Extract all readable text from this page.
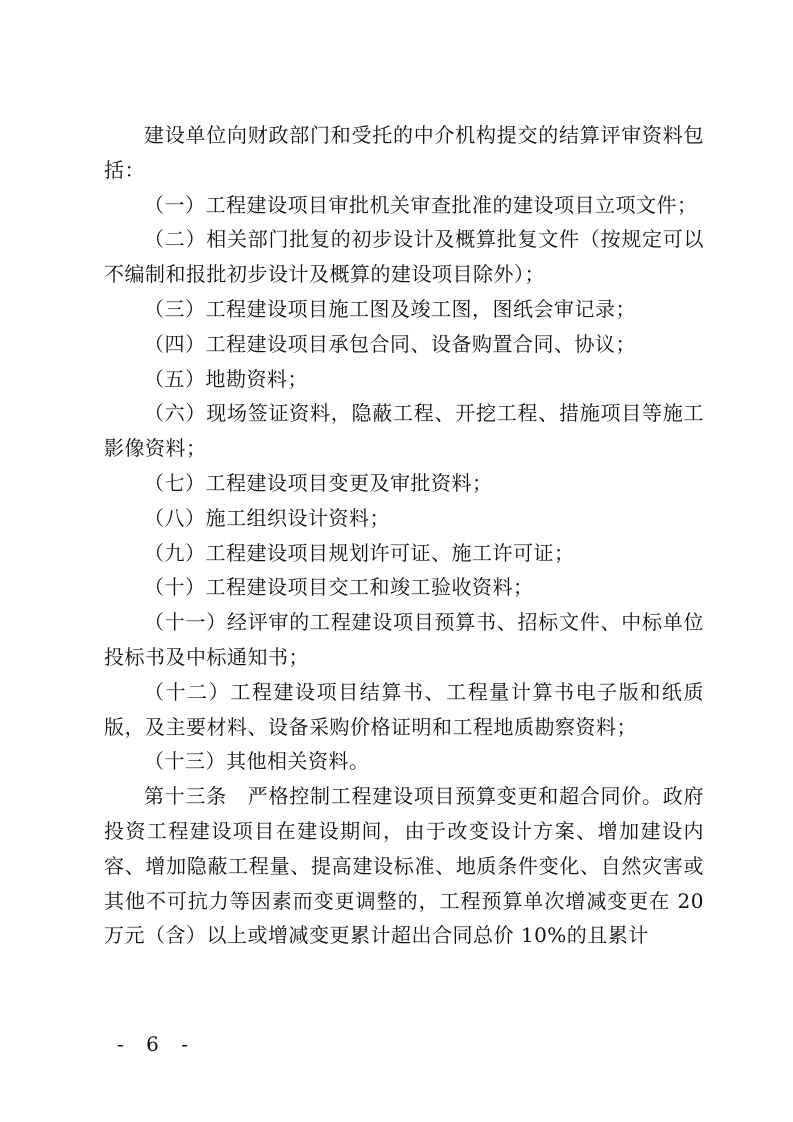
建设单位向财政部门和受托的中介机构提交的结算评审资料包括：

（一）工程建设项目审批机关审查批准的建设项目立项文件；

（二）相关部门批复的初步设计及概算批复文件（按规定可以不编制和报批初步设计及概算的建设项目除外）；

（三）工程建设项目施工图及竣工图，图纸会审记录；

（四）工程建设项目承包合同、设备购置合同、协议；

（五）地勘资料；

（六）现场签证资料，隐蔽工程、开挖工程、措施项目等施工影像资料；

（七）工程建设项目变更及审批资料；

（八）施工组织设计资料；

（九）工程建设项目规划许可证、施工许可证；

（十）工程建设项目交工和竣工验收资料；

（十一）经评审的工程建设项目预算书、招标文件、中标单位投标书及中标通知书；

（十二）工程建设项目结算书、工程量计算书电子版和纸质版，及主要材料、设备采购价格证明和工程地质勘察资料；

（十三）其他相关资料。

第十三条　严格控制工程建设项目预算变更和超合同价。政府投资工程建设项目在建设期间，由于改变设计方案、增加建设内容、增加隐蔽工程量、提高建设标准、地质条件变化、自然灾害或其他不可抗力等因素而变更调整的，工程预算单次增减变更在 20 万元（含）以上或增减变更累计超出合同总价 10%的且累计

- 6 -
